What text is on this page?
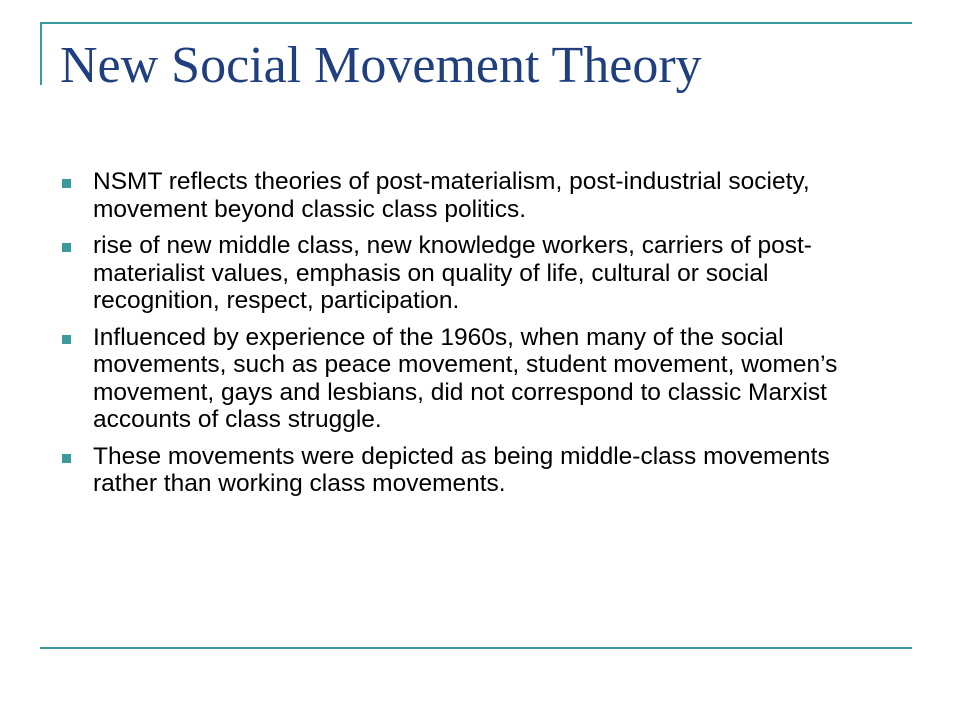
New Social Movement Theory
NSMT reflects theories of post-materialism, post-industrial society, movement beyond classic class politics.
rise of new middle class, new knowledge workers, carriers of post-materialist values, emphasis on quality of life, cultural or social recognition, respect, participation.
Influenced by experience of the 1960s, when many of the social movements, such as peace movement, student movement, women’s movement, gays and lesbians, did not correspond to classic Marxist accounts of class struggle.
These movements were depicted as being middle-class movements rather than working class movements.
